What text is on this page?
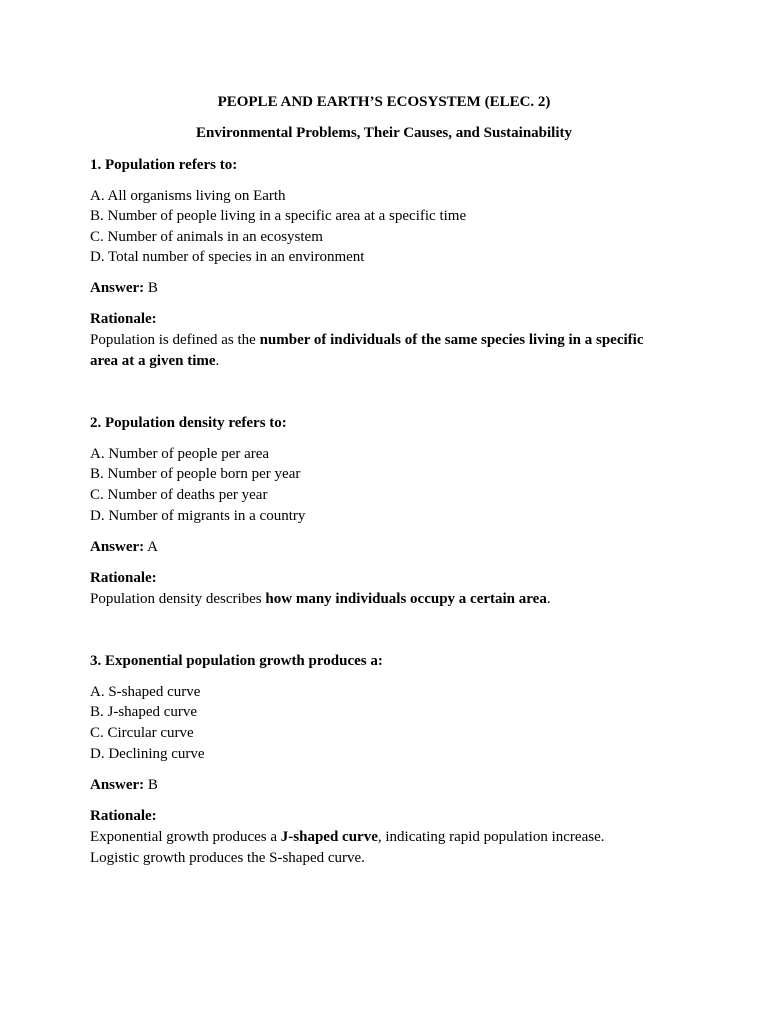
PEOPLE AND EARTH’S ECOSYSTEM (ELEC. 2)
Environmental Problems, Their Causes, and Sustainability
1. Population refers to:
A. All organisms living on Earth
B. Number of people living in a specific area at a specific time
C. Number of animals in an ecosystem
D. Total number of species in an environment
Answer: B
Rationale:
Population is defined as the number of individuals of the same species living in a specific
area at a given time.
2. Population density refers to:
A. Number of people per area
B. Number of people born per year
C. Number of deaths per year
D. Number of migrants in a country
Answer: A
Rationale:
Population density describes how many individuals occupy a certain area.
3. Exponential population growth produces a:
A. S-shaped curve
B. J-shaped curve
C. Circular curve
D. Declining curve
Answer: B
Rationale:
Exponential growth produces a J-shaped curve, indicating rapid population increase.
Logistic growth produces the S-shaped curve.
